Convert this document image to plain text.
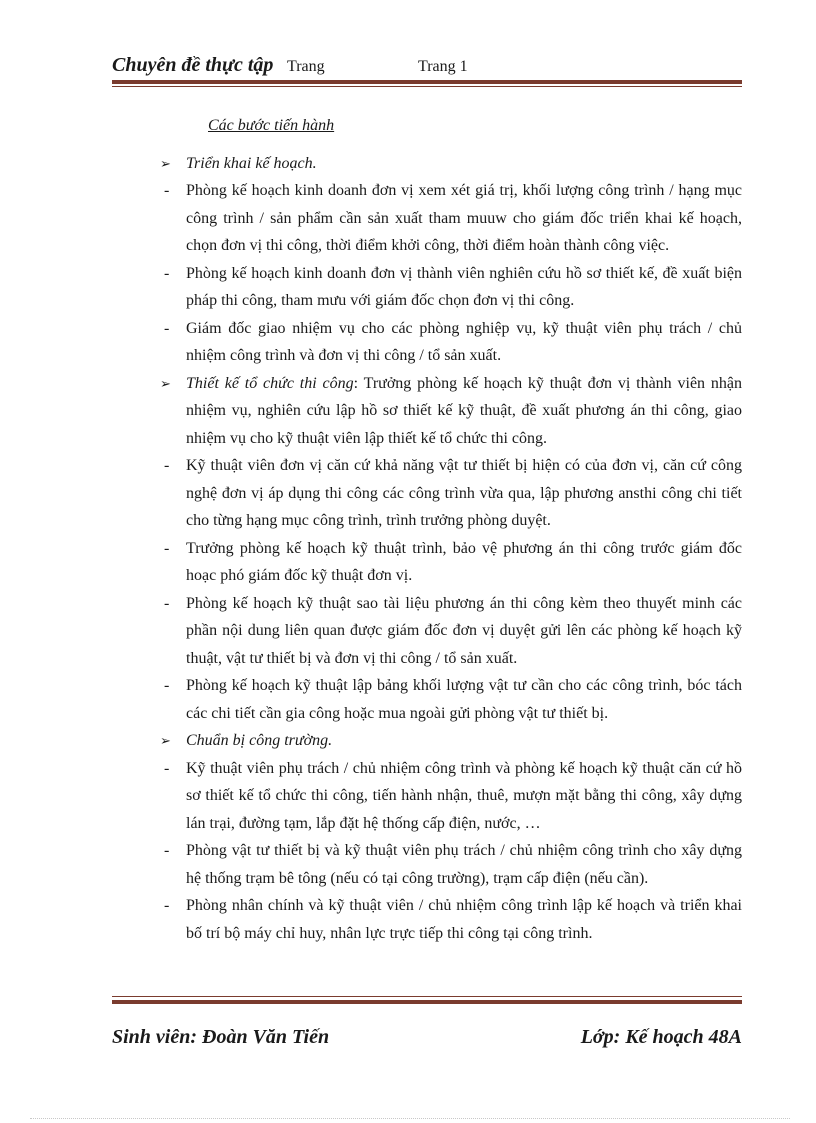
Chuyên đề thực tập Trang	Trang 1
Các bước tiến hành
➢ Triển khai kế hoạch.
- Phòng kế hoạch kinh doanh đơn vị xem xét giá trị, khối lượng công trình / hạng mục công trình / sản phẩm cần sản xuất tham muuw cho giám đốc triển khai kế hoạch, chọn đơn vị thi công, thời điểm khởi công, thời điểm hoàn thành công việc.
- Phòng kế hoạch kinh doanh đơn vị thành viên nghiên cứu hồ sơ thiết kế, đề xuất biện pháp thi công, tham mưu với giám đốc chọn đơn vị thi công.
- Giám đốc giao nhiệm vụ cho các phòng nghiệp vụ, kỹ thuật viên phụ trách / chủ nhiệm công trình và đơn vị thi công / tổ sản xuất.
➢ Thiết kế tổ chức thi công: Trưởng phòng kế hoạch kỹ thuật đơn vị thành viên nhận nhiệm vụ, nghiên cứu lập hồ sơ thiết kế kỹ thuật, đề xuất phương án thi công, giao nhiệm vụ cho kỹ thuật viên lập thiết kế tổ chức thi công.
- Kỹ thuật viên đơn vị căn cứ khả năng vật tư thiết bị hiện có của đơn vị, căn cứ công nghệ đơn vị áp dụng thi công các công trình vừa qua, lập phương ansthi công chi tiết cho từng hạng mục công trình, trình trưởng phòng duyệt.
- Trưởng phòng kế hoạch kỹ thuật trình, bảo vệ phương án thi công trước giám đốc hoạc phó giám đốc kỹ thuật đơn vị.
- Phòng kế hoạch kỹ thuật sao tài liệu phương án thi công kèm theo thuyết minh các phần nội dung liên quan được giám đốc đơn vị duyệt gửi lên các phòng kế hoạch kỹ thuật, vật tư thiết bị và đơn vị thi công / tổ sản xuất.
- Phòng kế hoạch kỹ thuật lập bảng khối lượng vật tư cần cho các công trình, bóc tách các chi tiết cần gia công hoặc mua ngoài gửi phòng vật tư thiết bị.
➢ Chuẩn bị công trường.
- Kỹ thuật viên phụ trách / chủ nhiệm công trình và phòng kế hoạch kỹ thuật căn cứ hồ sơ thiết kế tổ chức thi công, tiến hành nhận, thuê, mượn mặt bằng thi công, xây dựng lán trại, đường tạm, lắp đặt hệ thống cấp điện, nước, …
- Phòng vật tư thiết bị và kỹ thuật viên phụ trách / chủ nhiệm công trình cho xây dựng hệ thống trạm bê tông (nếu có tại công trường), trạm cấp điện (nếu cần).
- Phòng nhân chính và kỹ thuật viên / chủ nhiệm công trình lập kế hoạch và triển khai bố trí bộ máy chỉ huy, nhân lực trực tiếp thi công tại công trình.
Sinh viên: Đoàn Văn Tiến	Lớp: Kế hoạch 48A
